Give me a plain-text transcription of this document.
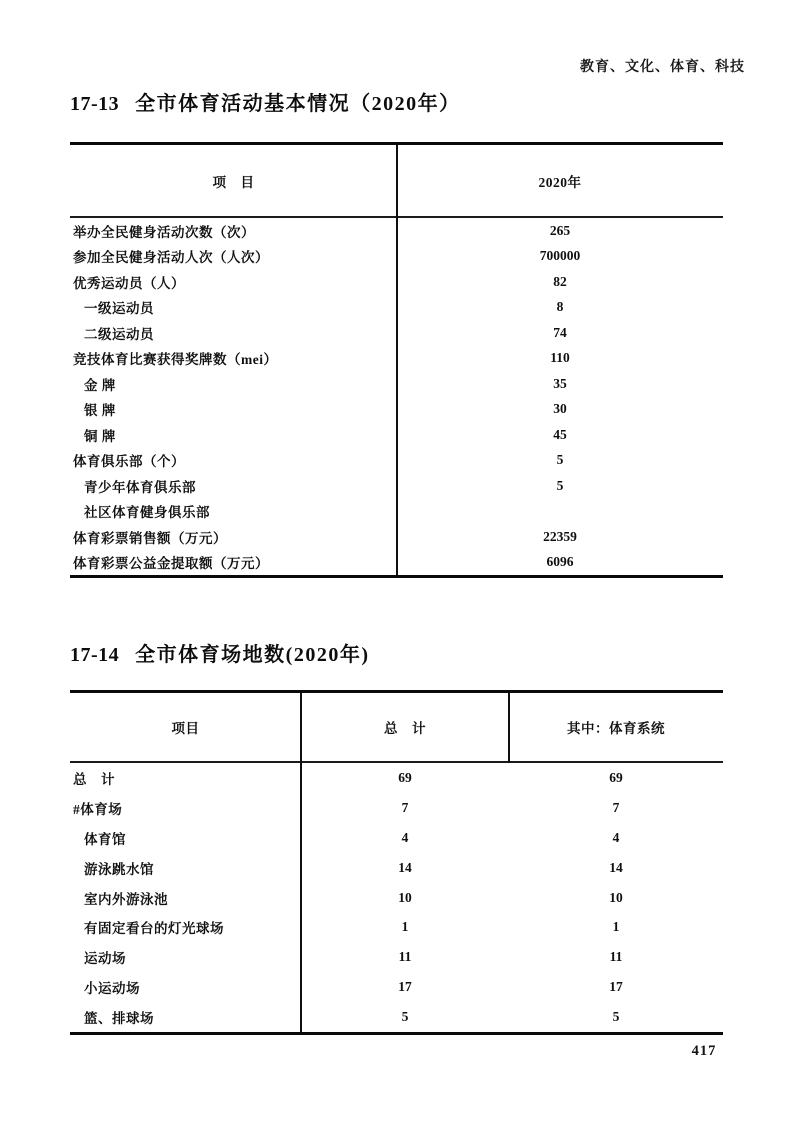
教育、文化、体育、科技
17-13 全市体育活动基本情况（2020年）
项　目	2020年
举办全民健身活动次数（次）	265
参加全民健身活动人次（人次）	700000
优秀运动员（人）	82
一级运动员	8
二级运动员	74
竞技体育比赛获得奖牌数（mei）	110
金 牌	35
银 牌	30
铜 牌	45
体育俱乐部（个）	5
青少年体育俱乐部	5
社区体育健身俱乐部
体育彩票销售额（万元）	22359
体育彩票公益金提取额（万元）	6096
17-14 全市体育场地数(2020年)
项目	总　计	其中：体育系统
总　计	69	69
#体育场	7	7
体育馆	4	4
游泳跳水馆	14	14
室内外游泳池	10	10
有固定看台的灯光球场	1	1
运动场	11	11
小运动场	17	17
篮、排球场	5	5
417
